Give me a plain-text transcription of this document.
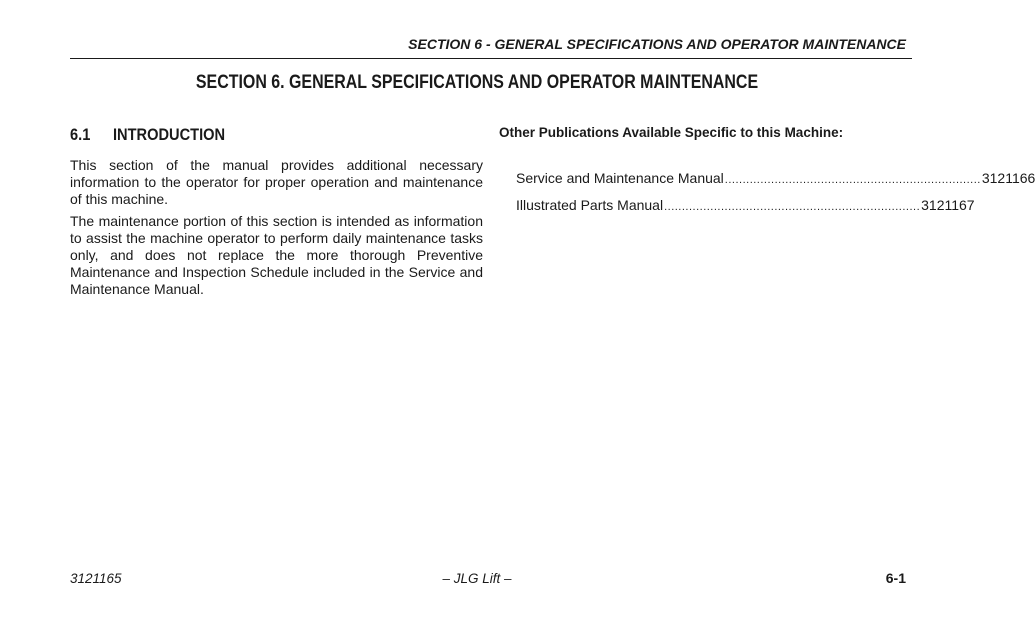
SECTION 6 - GENERAL SPECIFICATIONS AND OPERATOR MAINTENANCE
SECTION 6. GENERAL SPECIFICATIONS AND OPERATOR MAINTENANCE
6.1 INTRODUCTION

This section of the manual provides additional necessary information to the operator for proper operation and maintenance of this machine.

The maintenance portion of this section is intended as information to assist the machine operator to perform daily maintenance tasks only, and does not replace the more thorough Preventive Maintenance and Inspection Schedule included in the Service and Maintenance Manual.

Other Publications Available Specific to this Machine:

Service and Maintenance Manual ........................................................................ 3121166
Illustrated Parts Manual ........................................................................ 3121167
3121165	– JLG Lift –	6-1
